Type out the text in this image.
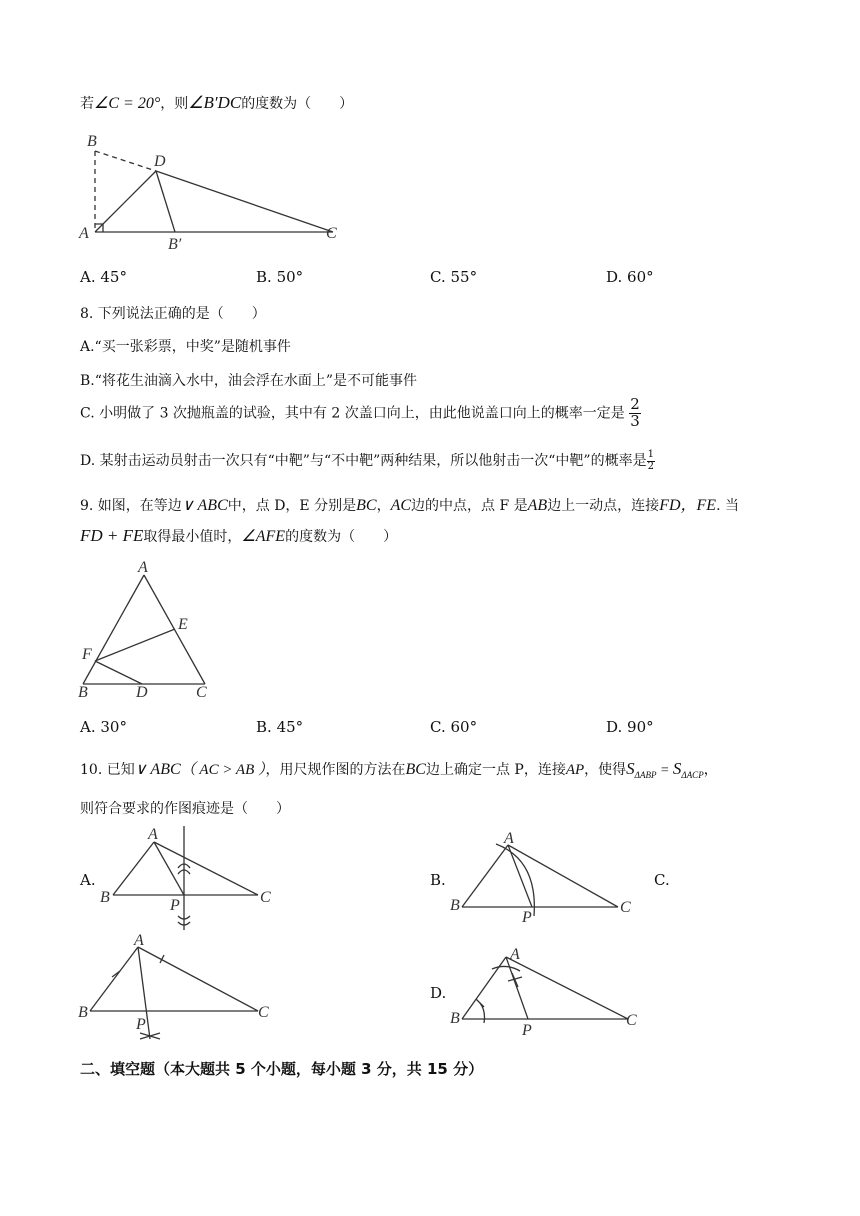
若∠C = 20°，则∠B′DC的度数为（　　）
B
D
A
B′
C
A. 45°	B. 50°	C. 55°	D. 60°
8. 下列说法正确的是（　　）
A.“买一张彩票，中奖”是随机事件
B.“将花生油滴入水中，油会浮在水面上”是不可能事件
C. 小明做了 3 次抛瓶盖的试验，其中有 2 次盖口向上，由此他说盖口向上的概率一定是 $\frac{2}{3}$
D. 某射击运动员射击一次只有“中靶”与“不中靶”两种结果，所以他射击一次“中靶”的概率是 $\frac{1}{2}$
9. 如图，在等边∨ ABC中，点 D，E 分别是BC，AC边的中点，点 F 是AB边上一动点，连接FD，FE. 当
FD + FE取得最小值时，∠AFE的度数为（　　）
A
E
F
B	D	C
A. 30°	B. 45°	C. 60°	D. 90°
10. 已知∨ ABC（ AC > AB ），用尺规作图的方法在BC边上确定一点 P，连接AP，使得$S_{\Delta ABP} = S_{\Delta ACP}$，
则符合要求的作图痕迹是（　　）
A.
A
B	P	C
B.
A
B
P
C
C.
A
B
P
C
D.
A
B
P
C
二、填空题（本大题共 5 个小题，每小题 3 分，共 15 分）
